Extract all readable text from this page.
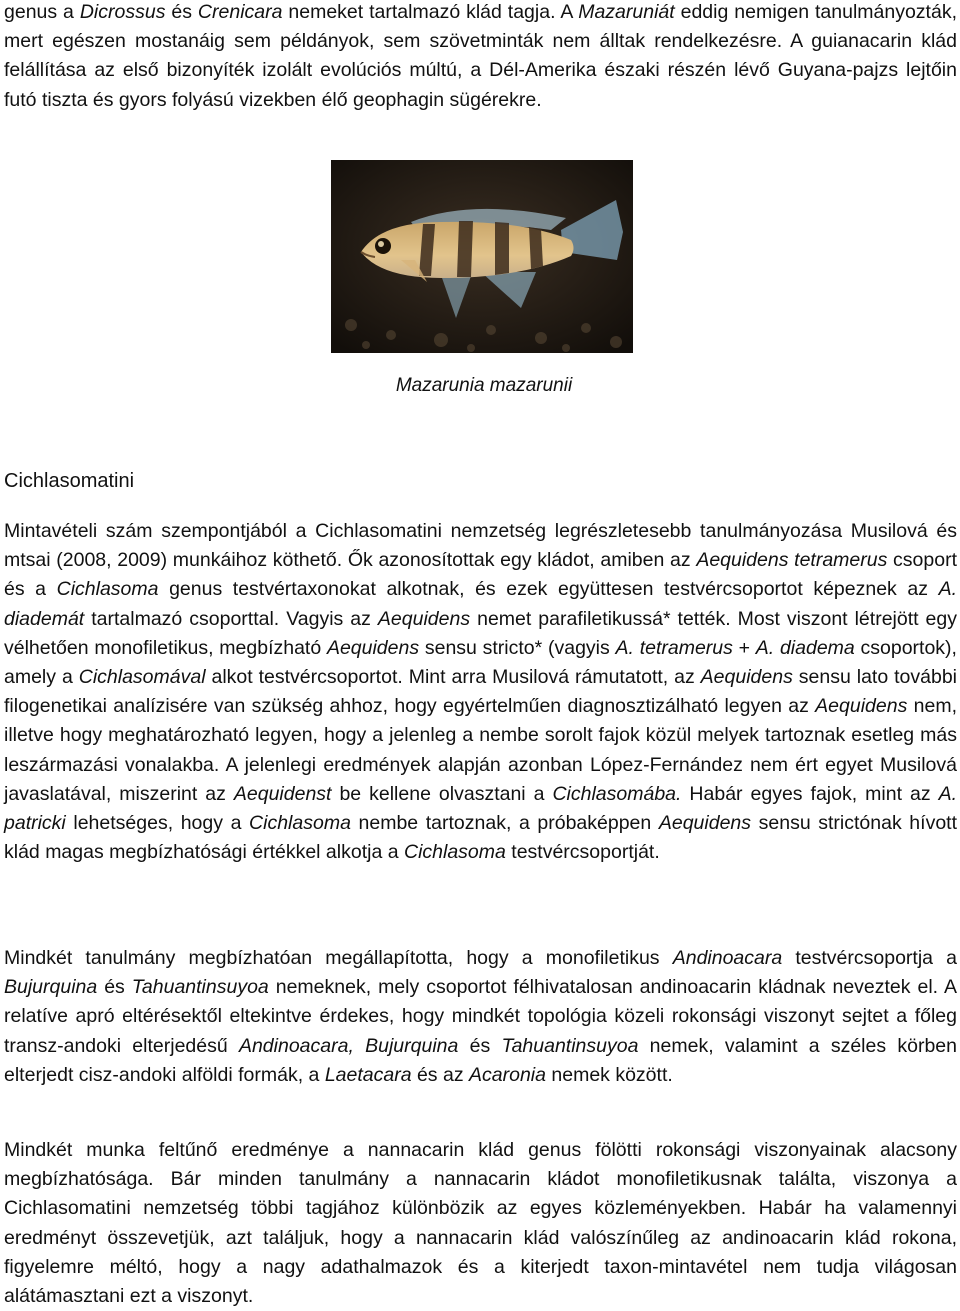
genus a Dicrossus és Crenicara nemeket tartalmazó klád tagja. A Mazaruniát eddig nemigen tanulmányozták, mert egészen mostanáig sem példányok, sem szövetminták nem álltak rendelkezésre. A guianacarin klád felállítása az első bizonyíték izolált evolúciós múltú, a Dél-Amerika északi részén lévő Guyana-pajzs lejtőin futó tiszta és gyors folyású vizekben élő geophagin sügérekre.

Mazarunia mazarunii
Cichlasomatini

Mintavételi szám szempontjából a Cichlasomatini nemzetség legrészletesebb tanulmányozása Musilová és mtsai (2008, 2009) munkáihoz köthető. Ők azonosítottak egy kládot, amiben az Aequidens tetramerus csoport és a Cichlasoma genus testvértaxonokat alkotnak, és ezek együttesen testvércsoportot képeznek az A. diademát tartalmazó csoporttal. Vagyis az Aequidens nemet parafiletikussá* tették. Most viszont létrejött egy vélhetően monofiletikus, megbízható Aequidens sensu stricto* (vagyis A. tetramerus + A. diadema csoportok), amely a Cichlasomával alkot testvércsoportot. Mint arra Musilová rámutatott, az Aequidens sensu lato további filogenetikai analízisére van szükség ahhoz, hogy egyértelműen diagnosztizálható legyen az Aequidens nem, illetve hogy meghatározható legyen, hogy a jelenleg a nembe sorolt fajok közül melyek tartoznak esetleg más leszármazási vonalakba. A jelenlegi eredmények alapján azonban López-Fernández nem ért egyet Musilová javaslatával, miszerint az Aequidenst be kellene olvasztani a Cichlasomába. Habár egyes fajok, mint az A. patricki lehetséges, hogy a Cichlasoma nembe tartoznak, a próbaképpen Aequidens sensu strictónak hívott klád magas megbízhatósági értékkel alkotja a Cichlasoma testvércsoportját.

Mindkét tanulmány megbízhatóan megállapította, hogy a monofiletikus Andinoacara testvércsoportja a Bujurquina és Tahuantinsuyoa nemeknek, mely csoportot félhivatalosan andinoacarin kládnak neveztek el. A relatíve apró eltérésektől eltekintve érdekes, hogy mindkét topológia közeli rokonsági viszonyt sejtet a főleg transz-andoki elterjedésű Andinoacara, Bujurquina és Tahuantinsuyoa nemek, valamint a széles körben elterjedt cisz-andoki alföldi formák, a Laetacara és az Acaronia nemek között.

Mindkét munka feltűnő eredménye a nannacarin klád genus fölötti rokonsági viszonyainak alacsony megbízhatósága. Bár minden tanulmány a nannacarin kládot monofiletikusnak találta, viszonya a Cichlasomatini nemzetség többi tagjához különbözik az egyes közleményekben. Habár ha valamennyi eredményt összevetjük, azt találjuk, hogy a nannacarin klád valószínűleg az andinoacarin klád rokona, figyelemre méltó, hogy a nagy adathalmazok és a kiterjedt taxon-mintavétel nem tudja világosan alátámasztani ezt a viszonyt.
